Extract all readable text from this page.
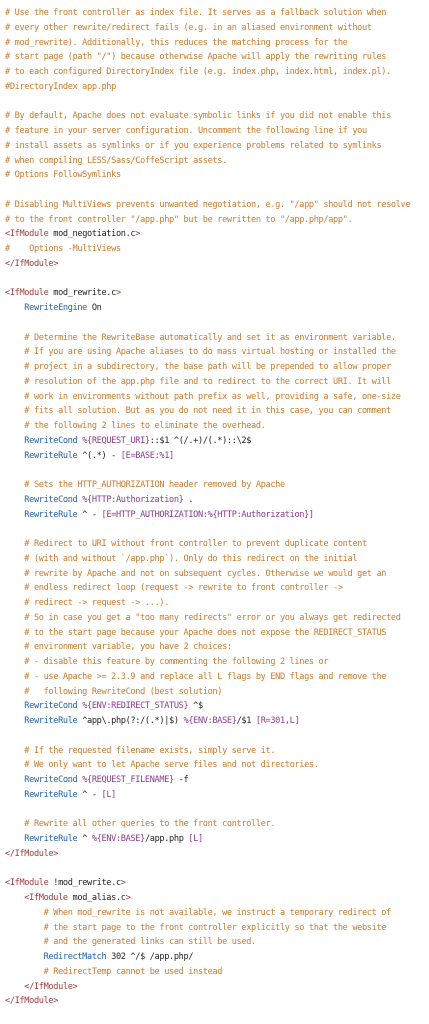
# Use the front controller as index file. It serves as a fallback solution when
# every other rewrite/redirect fails (e.g. in an aliased environment without
# mod_rewrite). Additionally, this reduces the matching process for the
# start page (path "/") because otherwise Apache will apply the rewriting rules
# to each configured DirectoryIndex file (e.g. index.php, index.html, index.pl).
#DirectoryIndex app.php
# By default, Apache does not evaluate symbolic links if you did not enable this
# feature in your server configuration. Uncomment the following line if you
# install assets as symlinks or if you experience problems related to symlinks
# when compiling LESS/Sass/CoffeScript assets.
# Options FollowSymlinks
# Disabling MultiViews prevents unwanted negotiation, e.g. "/app" should not resolve
# to the front controller "/app.php" but be rewritten to "/app.php/app".
<IfModule mod_negotiation.c>
#    Options -MultiViews
</IfModule>
<IfModule mod_rewrite.c>
RewriteEngine On
# Determine the RewriteBase automatically and set it as environment variable.
# If you are using Apache aliases to do mass virtual hosting or installed the
# project in a subdirectory, the base path will be prepended to allow proper
# resolution of the app.php file and to redirect to the correct URI. It will
# work in environments without path prefix as well, providing a safe, one-size
# fits all solution. But as you do not need it in this case, you can comment
# the following 2 lines to eliminate the overhead.
RewriteCond %{REQUEST_URI}::$1 ^(/.+)/(.*)::\2$
RewriteRule ^(.*) - [E=BASE:%1]
# Sets the HTTP_AUTHORIZATION header removed by Apache
RewriteCond %{HTTP:Authorization} .
RewriteRule ^ - [E=HTTP_AUTHORIZATION:%{HTTP:Authorization}]
# Redirect to URI without front controller to prevent duplicate content
# (with and without `/app.php`). Only do this redirect on the initial
# rewrite by Apache and not on subsequent cycles. Otherwise we would get an
# endless redirect loop (request -> rewrite to front controller ->
# redirect -> request -> ...).
# So in case you get a "too many redirects" error or you always get redirected
# to the start page because your Apache does not expose the REDIRECT_STATUS
# environment variable, you have 2 choices:
# - disable this feature by commenting the following 2 lines or
# - use Apache >= 2.3.9 and replace all L flags by END flags and remove the
#   following RewriteCond (best solution)
RewriteCond %{ENV:REDIRECT_STATUS} ^$
RewriteRule ^app\.php(?:/(.*)|$) %{ENV:BASE}/$1 [R=301,L]
# If the requested filename exists, simply serve it.
# We only want to let Apache serve files and not directories.
RewriteCond %{REQUEST_FILENAME} -f
RewriteRule ^ - [L]
# Rewrite all other queries to the front controller.
RewriteRule ^ %{ENV:BASE}/app.php [L]
</IfModule>
<IfModule !mod_rewrite.c>
<IfModule mod_alias.c>
# When mod_rewrite is not available, we instruct a temporary redirect of
# the start page to the front controller explicitly so that the website
# and the generated links can still be used.
RedirectMatch 302 ^/$ /app.php/
# RedirectTemp cannot be used instead
</IfModule>
</IfModule>
